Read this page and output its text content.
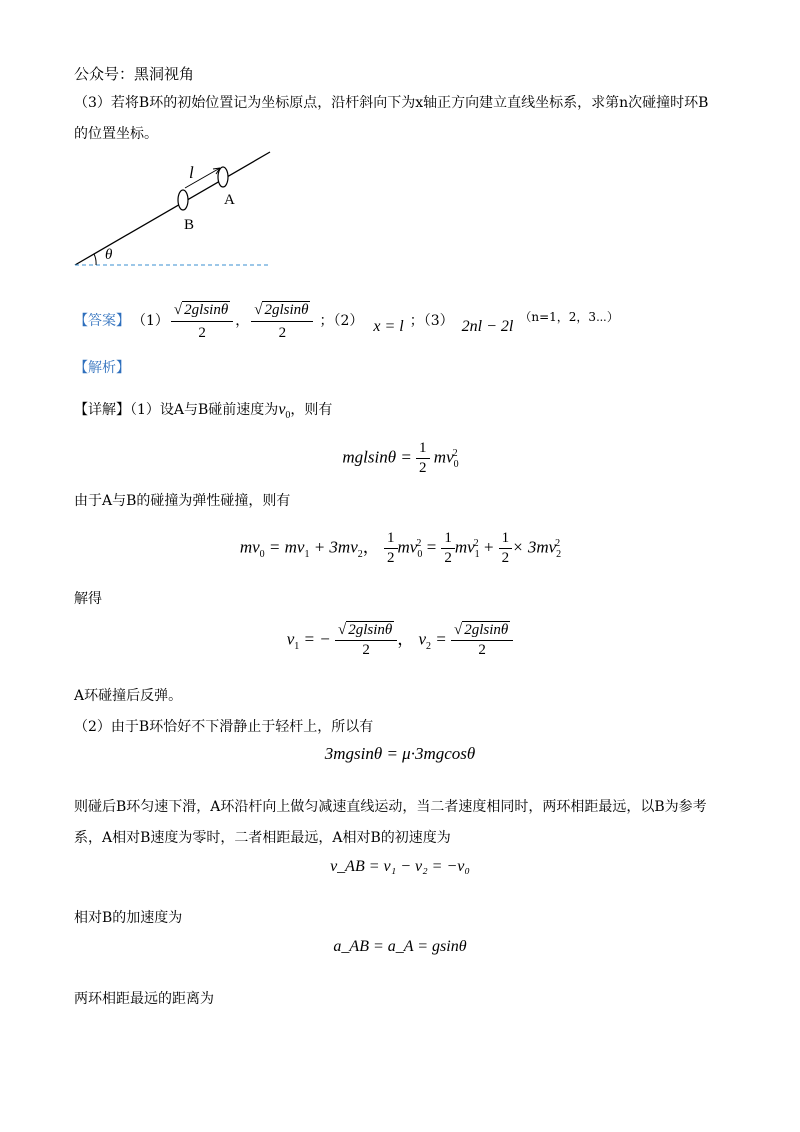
公众号：黑洞视角
（3）若将B环的初始位置记为坐标原点，沿杆斜向下为x轴正方向建立直线坐标系，求第n次碰撞时环B
的位置坐标。
l
A
B
θ
【答案】 $(1) \frac{√ 2glsin\theta}{2}$ ， $\frac{√ 2glsin\theta}{2}$ ；（2） x = l ；（3） 2nl − 2l
（n=1，2，3⋯）
【解析】
【详解】（1）设A与B碰前速度为$v_0$，则有
$mglsin\theta = \frac{1}{2} mv_0^2$
由于A与B的碰撞为弹性碰撞，则有
$mv_0 = mv_1 + 3mv_2$， $\frac{1}{2} mv_0^2 = \frac{1}{2} mv_1^2 + \frac{1}{2} \times 3mv_2^2$
解得
$v_1$ = − $\frac{√ 2glsin\theta}{2}$ ， $v_2 = \frac{√ 2glsin\theta}{2}$
A环碰撞后反弹。
（2）由于B环恰好不下滑静止于轻杆上，所以有
3mgsinθ = μ·3mgcosθ
则碰后B环匀速下滑，A环沿杆向上做匀减速直线运动，当二者速度相同时，两环相距最远，以B为参考
系，A相对B速度为零时，二者相距最远，A相对B的初速度为
v_AB = v₁ − v₂ = −v₀
相对B的加速度为
a_AB = a_A = gsinθ
两环相距最远的距离为
